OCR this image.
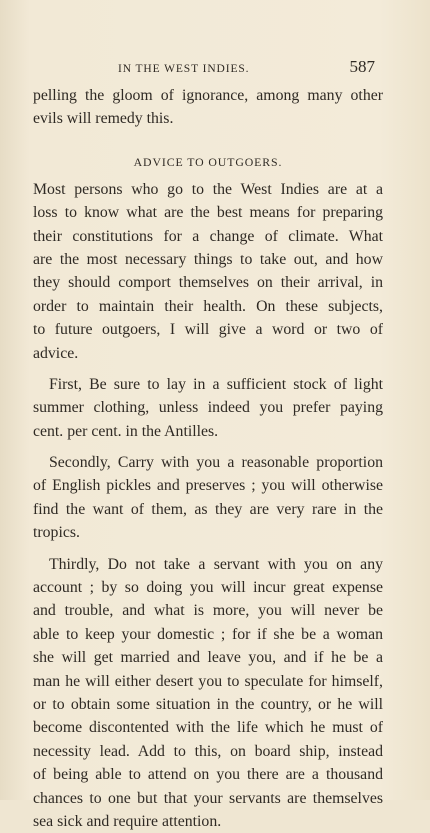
IN THE WEST INDIES.	587
pelling the gloom of ignorance, among many other
evils will remedy this.
ADVICE TO OUTGOERS.
Most persons who go to the West Indies are at a
loss to know what are the best means for preparing
their constitutions for a change of climate. What
are the most necessary things to take out, and how
they should comport themselves on their arrival, in
order to maintain their health. On these subjects,
to future outgoers, I will give a word or two of
advice.
First, Be sure to lay in a sufficient stock of light
summer clothing, unless indeed you prefer paying
cent. per cent. in the Antilles.
Secondly, Carry with you a reasonable proportion
of English pickles and preserves ; you will otherwise
find the want of them, as they are very rare in the
tropics.
Thirdly, Do not take a servant with you on any
account ; by so doing you will incur great expense
and trouble, and what is more, you will never be
able to keep your domestic ; for if she be a woman
she will get married and leave you, and if he be a
man he will either desert you to speculate for himself,
or to obtain some situation in the country, or he will
become discontented with the life which he must of
necessity lead. Add to this, on board ship, instead
of being able to attend on you there are a thousand
chances to one but that your servants are themselves
sea sick and require attention.
